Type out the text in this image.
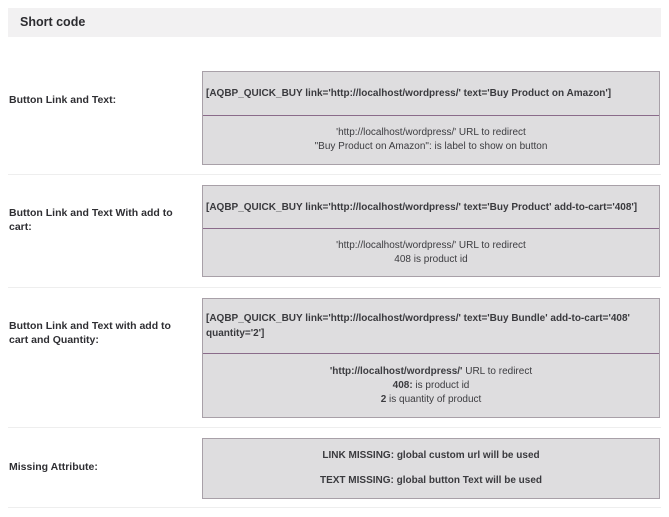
Short code
Button Link and Text:
[AQBP_QUICK_BUY link='http://localhost/wordpress/' text='Buy Product on Amazon']
'http://localhost/wordpress/' URL to redirect
"Buy Product on Amazon": is label to show on button
Button Link and Text With add to cart:
[AQBP_QUICK_BUY link='http://localhost/wordpress/' text='Buy Product' add-to-cart='408']
'http://localhost/wordpress/' URL to redirect
408 is product id
Button Link and Text with add to cart and Quantity:
[AQBP_QUICK_BUY link='http://localhost/wordpress/' text='Buy Bundle' add-to-cart='408' quantity='2']
'http://localhost/wordpress/' URL to redirect
408: is product id
2 is quantity of product
Missing Attribute:
LINK MISSING: global custom url will be used
TEXT MISSING: global button Text will be used
